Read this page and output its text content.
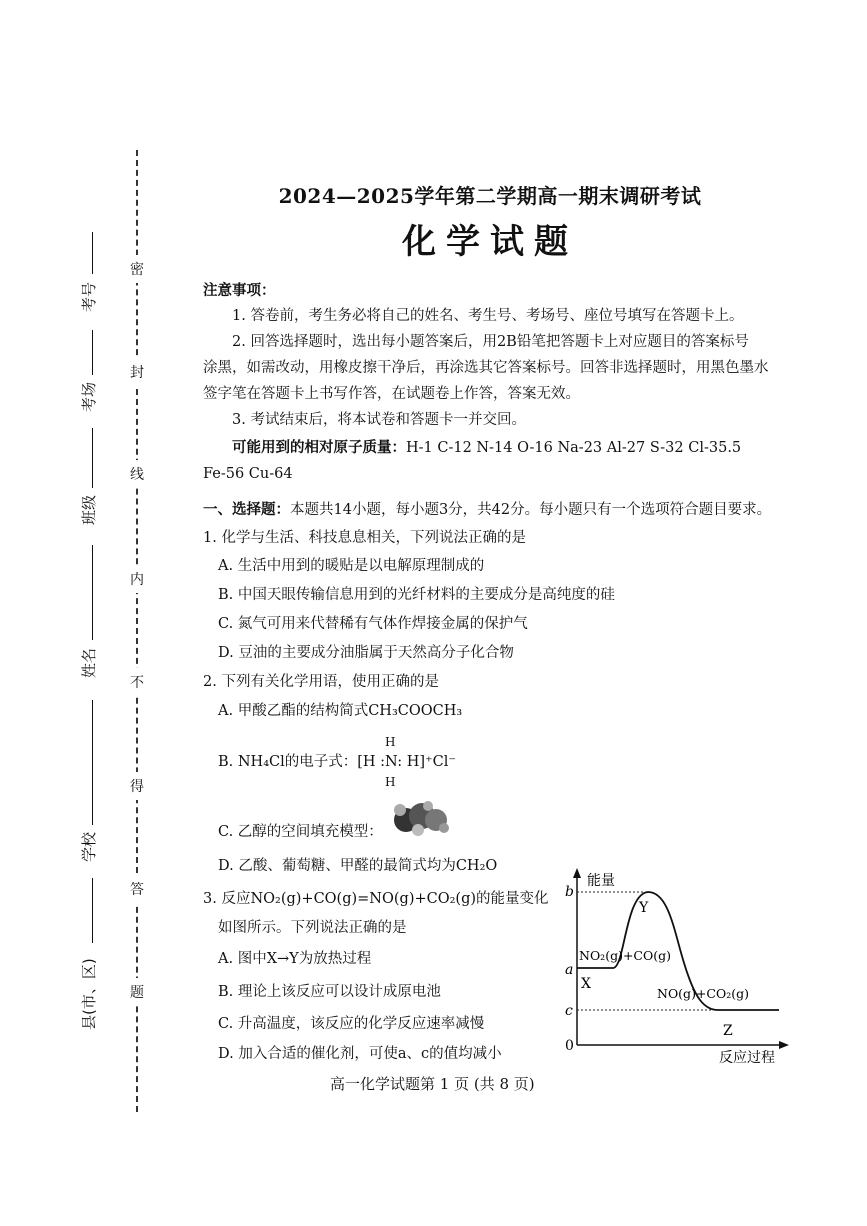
密
封
线
内
不
得
答
题
考号
考场
班级
姓名
学校
县(市、区)
2024—2025学年第二学期高一期末调研考试
化学试题
注意事项：
1. 答卷前，考生务必将自己的姓名、考生号、考场号、座位号填写在答题卡上。
2. 回答选择题时，选出每小题答案后，用2B铅笔把答题卡上对应题目的答案标号
涂黑，如需改动，用橡皮擦干净后，再涂选其它答案标号。回答非选择题时，用黑色墨水
签字笔在答题卡上书写作答，在试题卷上作答，答案无效。
3. 考试结束后，将本试卷和答题卡一并交回。
可能用到的相对原子质量：H-1 C-12 N-14 O-16 Na-23 Al-27 S-32 Cl-35.5
Fe-56 Cu-64
一、选择题：本题共14小题，每小题3分，共42分。每小题只有一个选项符合题目要求。
1. 化学与生活、科技息息相关，下列说法正确的是
A. 生活中用到的暖贴是以电解原理制成的
B. 中国天眼传输信息用到的光纤材料的主要成分是高纯度的硅
C. 氮气可用来代替稀有气体作焊接金属的保护气
D. 豆油的主要成分油脂属于天然高分子化合物
2. 下列有关化学用语，使用正确的是
A. 甲酸乙酯的结构简式CH₃COOCH₃
H
B. NH₄Cl的电子式：[H :N: H]⁺Cl⁻
H
C. 乙醇的空间填充模型：
D. 乙酸、葡萄糖、甲醛的最简式均为CH₂O
3. 反应NO₂(g)+CO(g)=NO(g)+CO₂(g)的能量变化
如图所示。下列说法正确的是
A. 图中X→Y为放热过程
B. 理论上该反应可以设计成原电池
C. 升高温度，该反应的化学反应速率减慢
D. 加入合适的催化剂，可使a、c的值均减小
b
a
c
0
能量
反应过程
Y
X
Z
NO₂(g)+CO(g)
NO(g)+CO₂(g)
高一化学试题第 1 页 (共 8 页)
